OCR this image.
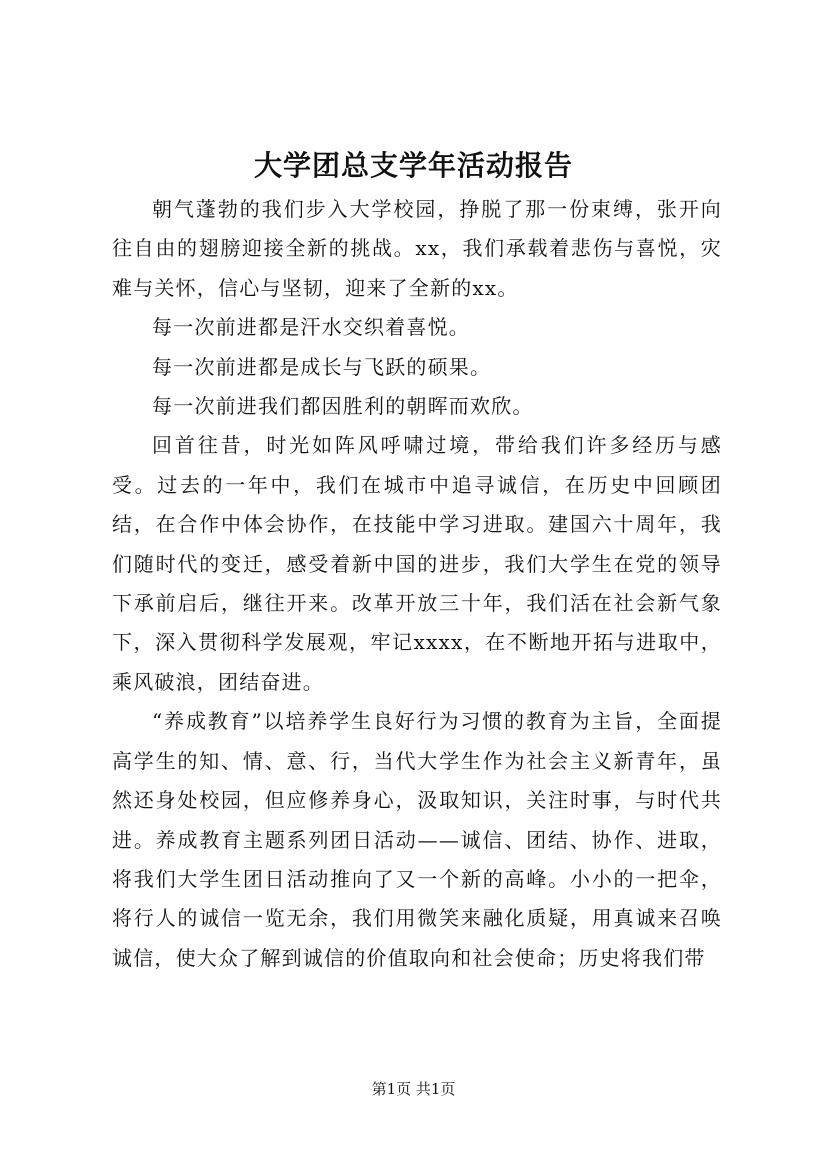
大学团总支学年活动报告

朝气蓬勃的我们步入大学校园，挣脱了那一份束缚，张开向往自由的翅膀迎接全新的挑战。xx，我们承载着悲伤与喜悦，灾难与关怀，信心与坚韧，迎来了全新的xx。

每一次前进都是汗水交织着喜悦。

每一次前进都是成长与飞跃的硕果。

每一次前进我们都因胜利的朝晖而欢欣。

回首往昔，时光如阵风呼啸过境，带给我们许多经历与感受。过去的一年中，我们在城市中追寻诚信，在历史中回顾团结，在合作中体会协作，在技能中学习进取。建国六十周年，我们随时代的变迁，感受着新中国的进步，我们大学生在党的领导下承前启后，继往开来。改革开放三十年，我们活在社会新气象下，深入贯彻科学发展观，牢记xxxx，在不断地开拓与进取中，乘风破浪，团结奋进。

“养成教育”以培养学生良好行为习惯的教育为主旨，全面提高学生的知、情、意、行，当代大学生作为社会主义新青年，虽然还身处校园，但应修养身心，汲取知识，关注时事，与时代共进。养成教育主题系列团日活动——诚信、团结、协作、进取，将我们大学生团日活动推向了又一个新的高峰。小小的一把伞，将行人的诚信一览无余，我们用微笑来融化质疑，用真诚来召唤诚信，使大众了解到诚信的价值取向和社会使命；历史将我们带

第1页 共1页
